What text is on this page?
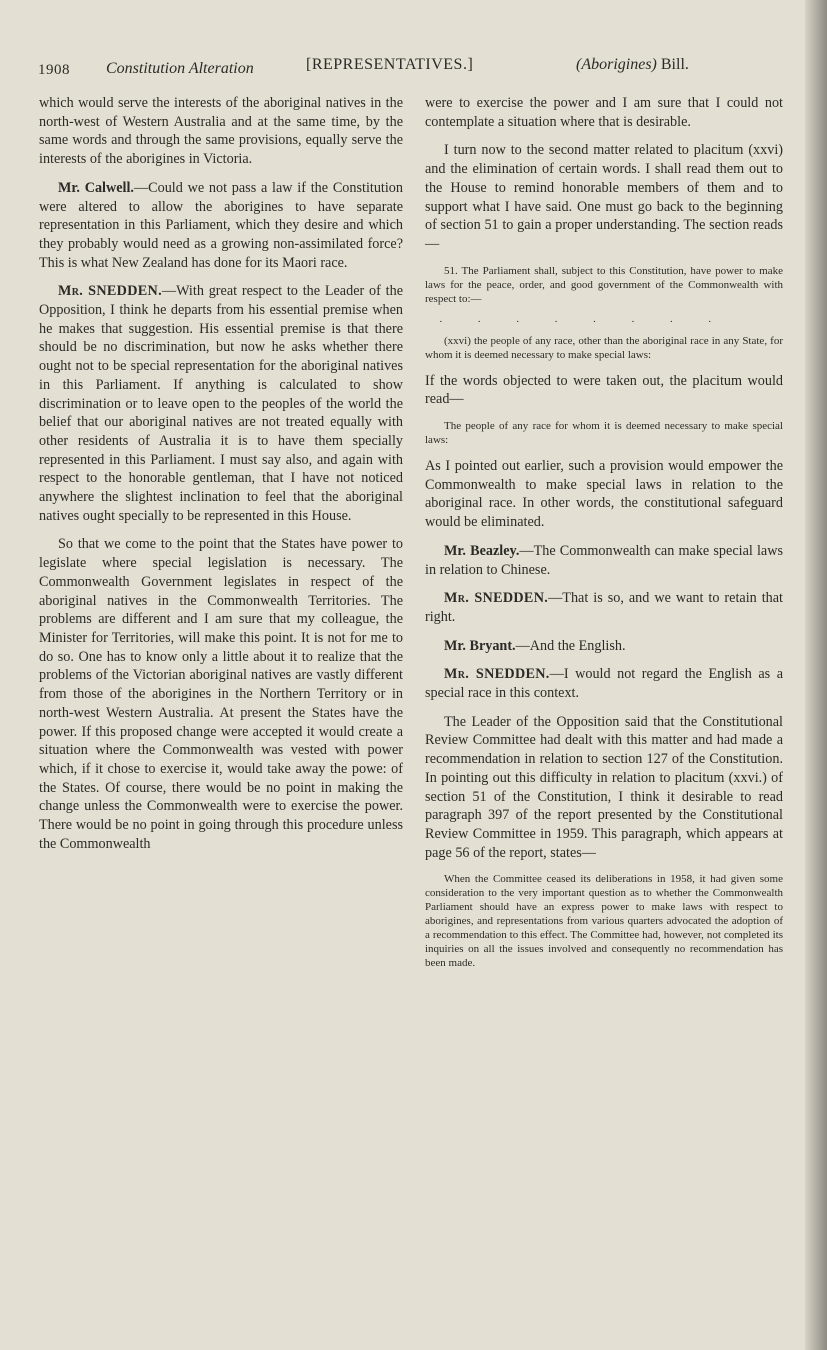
1908 Constitution Alteration	[REPRESENTATIVES.]	(Aborigines) Bill.

which would serve the interests of the aboriginal natives in the north-west of Western Australia and at the same time, by the same words and through the same provisions, equally serve the interests of the aborigines in Victoria.

Mr. Calwell.—Could we not pass a law if the Constitution were altered to allow the aborigines to have separate representation in this Parliament, which they desire and which they probably would need as a growing non-assimilated force? This is what New Zealand has done for its Maori race.

Mr. SNEDDEN.—With great respect to the Leader of the Opposition, I think he departs from his essential premise when he makes that suggestion. His essential premise is that there should be no discrimination, but now he asks whether there ought not to be special representation for the aboriginal natives in this Parliament. If anything is calculated to show discrimination or to leave open to the peoples of the world the belief that our aboriginal natives are not treated equally with other residents of Australia it is to have them specially represented in this Parliament. I must say also, and again with respect to the honorable gentleman, that I have not noticed anywhere the slightest inclination to feel that the aboriginal natives ought specially to be represented in this House.

So that we come to the point that the States have power to legislate where special legislation is necessary. The Commonwealth Government legislates in respect of the aboriginal natives in the Commonwealth Territories. The problems are different and I am sure that my colleague, the Minister for Territories, will make this point. It is not for me to do so. One has to know only a little about it to realize that the problems of the Victorian aboriginal natives are vastly different from those of the aborigines in the Northern Territory or in north-west Western Australia. At present the States have the power. If this proposed change were accepted it would create a situation where the Commonwealth was vested with power which, if it chose to exercise it, would take away the powe: of the States. Of course, there would be no point in making the change unless the Commonwealth were to exercise the power. There would be no point in going through this procedure unless the Commonwealth

were to exercise the power and I am sure that I could not contemplate a situation where that is desirable.

I turn now to the second matter related to placitum (xxvi) and the elimination of certain words. I shall read them out to the House to remind honorable members of them and to support what I have said. One must go back to the beginning of section 51 to gain a proper understanding. The section reads—

51. The Parliament shall, subject to this Constitution, have power to make laws for the peace, order, and good government of the Commonwealth with respect to:—

· · · · · · · ·

(xxvi) the people of any race, other than the aboriginal race in any State, for whom it is deemed necessary to make special laws:

If the words objected to were taken out, the placitum would read—

The people of any race for whom it is deemed necessary to make special laws:

As I pointed out earlier, such a provision would empower the Commonwealth to make special laws in relation to the aboriginal race. In other words, the constitutional safeguard would be eliminated.

Mr. Beazley.—The Commonwealth can make special laws in relation to Chinese.

Mr. SNEDDEN.—That is so, and we want to retain that right.

Mr. Bryant.—And the English.

Mr. SNEDDEN.—I would not regard the English as a special race in this context.

The Leader of the Opposition said that the Constitutional Review Committee had dealt with this matter and had made a recommendation in relation to section 127 of the Constitution. In pointing out this difficulty in relation to placitum (xxvi.) of section 51 of the Constitution, I think it desirable to read paragraph 397 of the report presented by the Constitutional Review Committee in 1959. This paragraph, which appears at page 56 of the report, states—

When the Committee ceased its deliberations in 1958, it had given some consideration to the very important question as to whether the Commonwealth Parliament should have an express power to make laws with respect to aborigines, and representations from various quarters advocated the adoption of a recommendation to this effect. The Committee had, however, not completed its inquiries on all the issues involved and consequently no recommendation has been made.
